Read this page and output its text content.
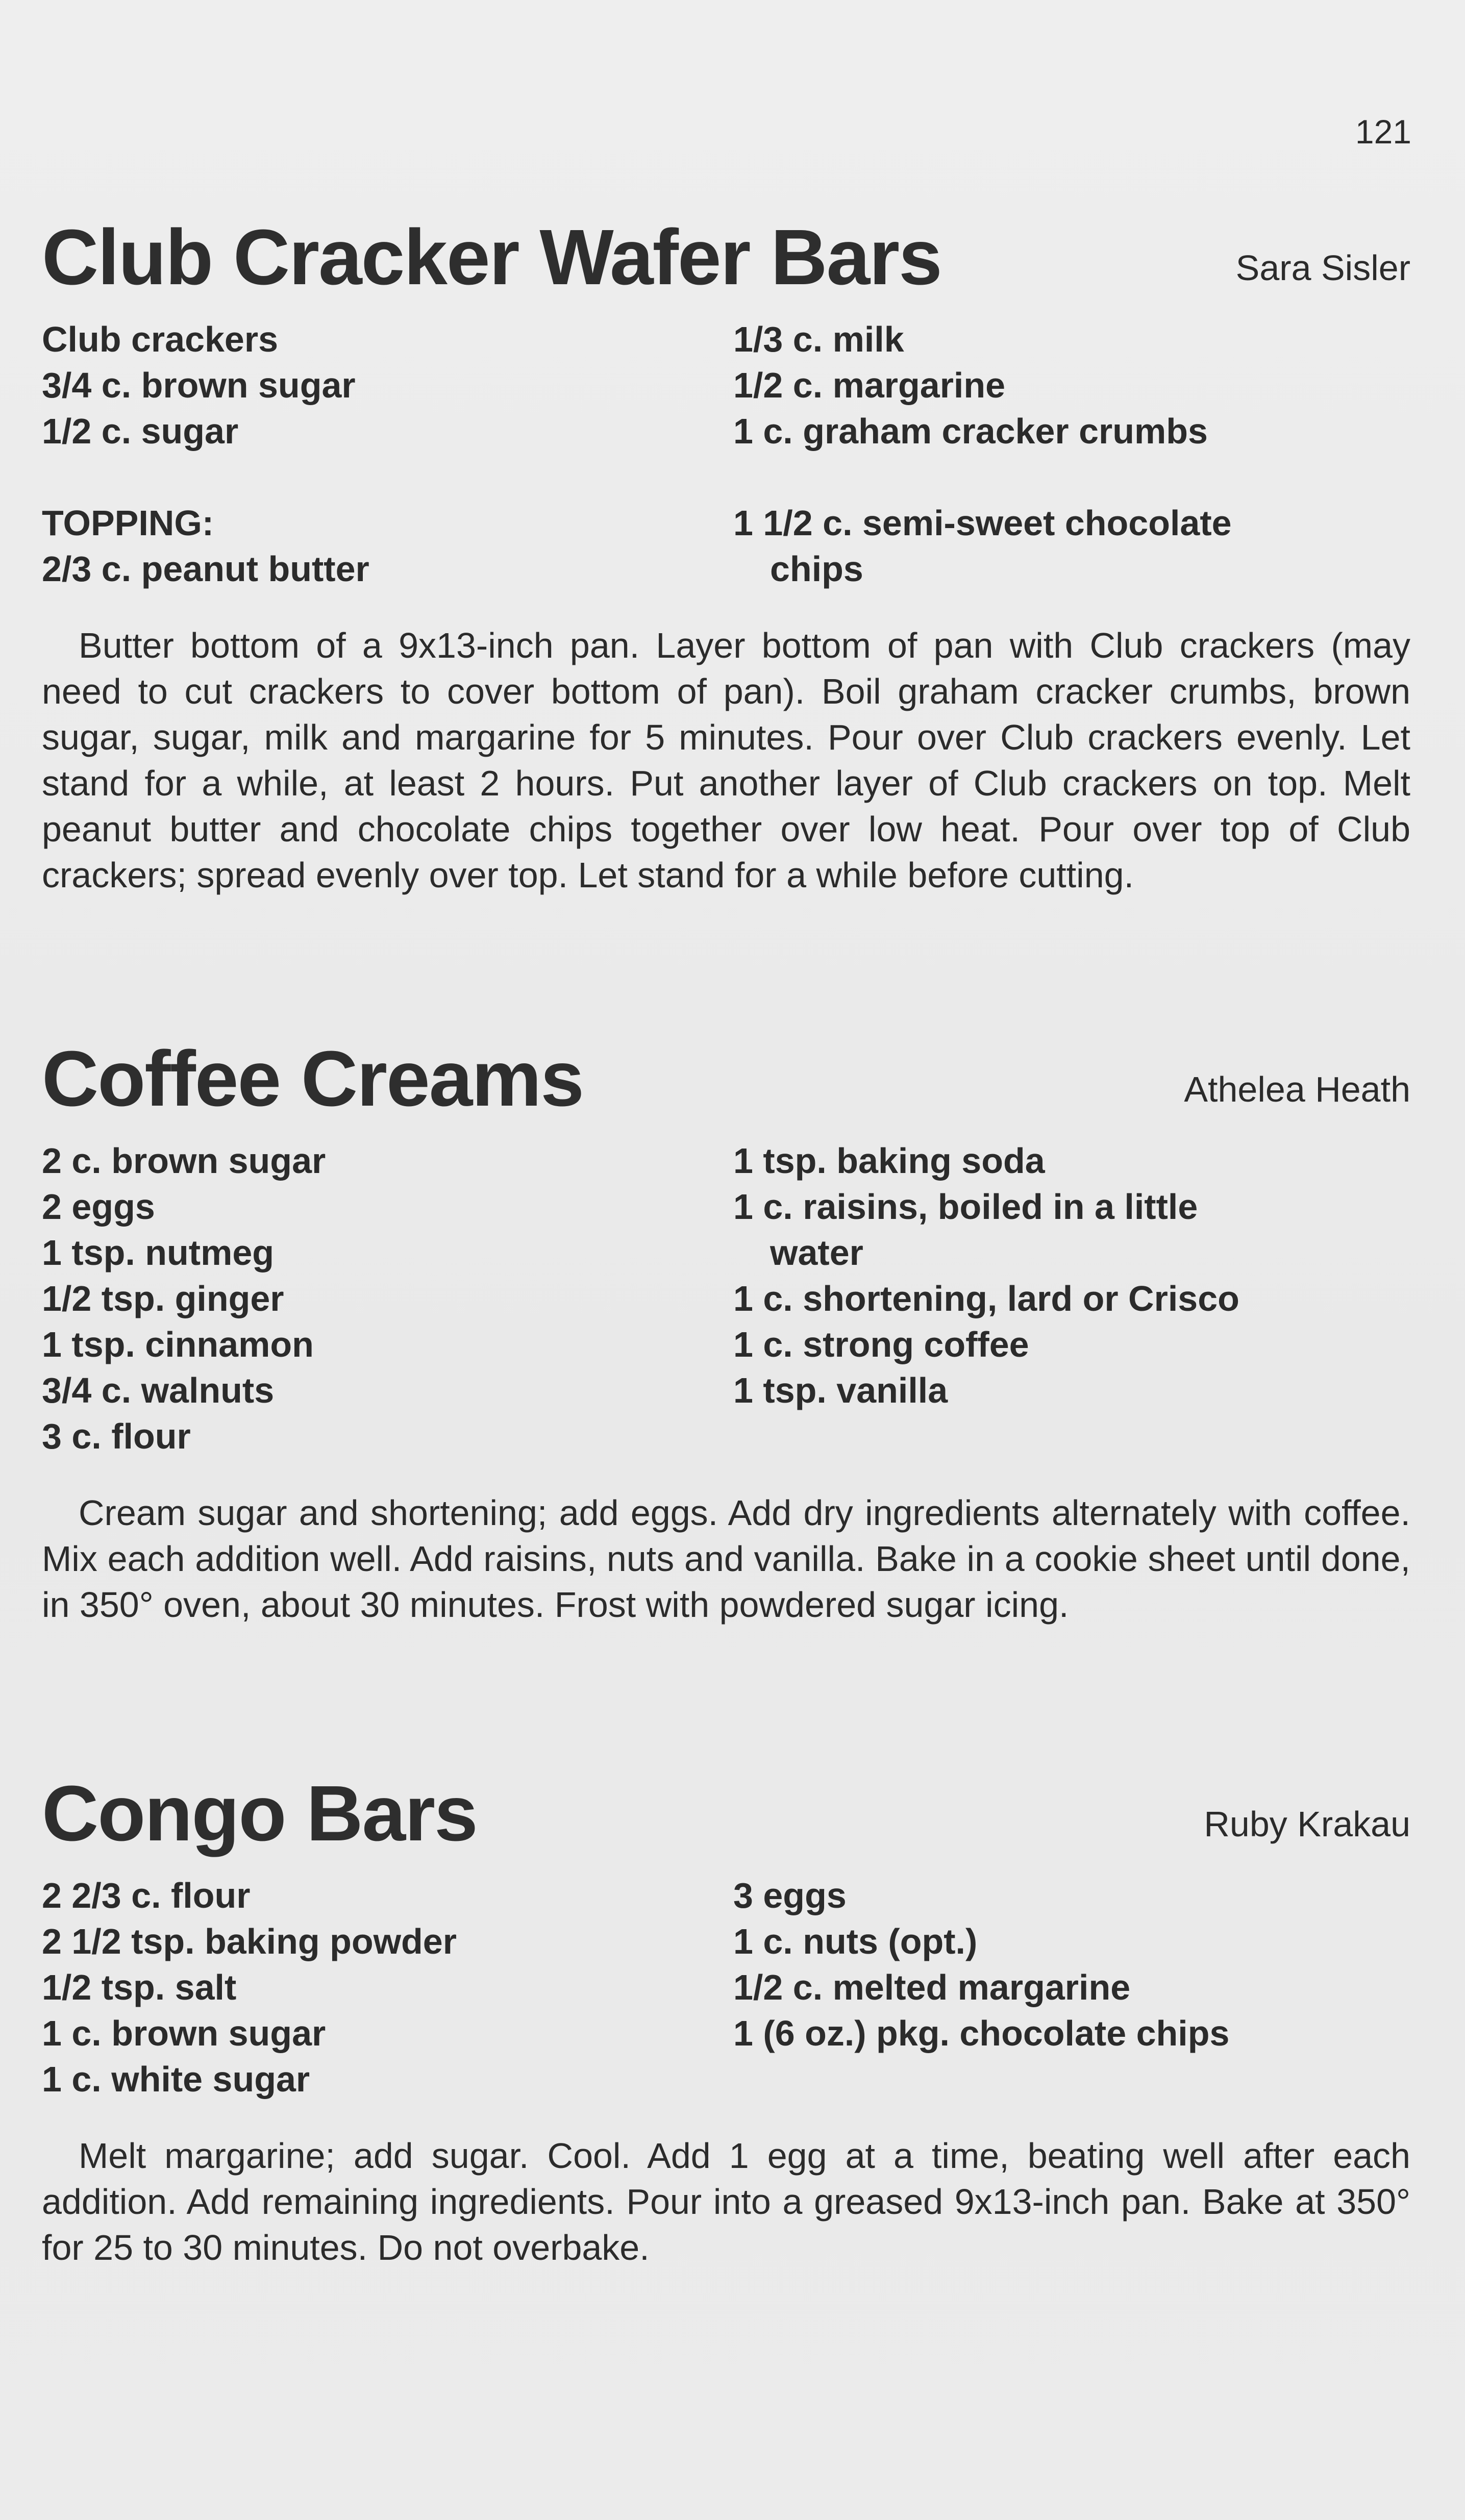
121
Club Cracker Wafer Bars	Sara Sisler
Club crackers
3/4 c. brown sugar
1/2 c. sugar
TOPPING:
2/3 c. peanut butter
1/3 c. milk
1/2 c. margarine
1 c. graham cracker crumbs
1 1/2 c. semi-sweet chocolate
chips

Butter bottom of a 9x13-inch pan. Layer bottom of pan with Club crackers (may need to cut crackers to cover bottom of pan). Boil graham cracker crumbs, brown sugar, sugar, milk and margarine for 5 minutes. Pour over Club crackers evenly. Let stand for a while, at least 2 hours. Put another layer of Club crackers on top. Melt peanut butter and chocolate chips together over low heat. Pour over top of Club crackers; spread evenly over top. Let stand for a while before cutting.

Coffee Creams	Athelea Heath
2 c. brown sugar
2 eggs
1 tsp. nutmeg
1/2 tsp. ginger
1 tsp. cinnamon
3/4 c. walnuts
3 c. flour
1 tsp. baking soda
1 c. raisins, boiled in a little
water
1 c. shortening, lard or Crisco
1 c. strong coffee
1 tsp. vanilla

Cream sugar and shortening; add eggs. Add dry ingredients alternately with coffee. Mix each addition well. Add raisins, nuts and vanilla. Bake in a cookie sheet until done, in 350° oven, about 30 minutes. Frost with powdered sugar icing.

Congo Bars	Ruby Krakau
2 2/3 c. flour
2 1/2 tsp. baking powder
1/2 tsp. salt
1 c. brown sugar
1 c. white sugar
3 eggs
1 c. nuts (opt.)
1/2 c. melted margarine
1 (6 oz.) pkg. chocolate chips

Melt margarine; add sugar. Cool. Add 1 egg at a time, beating well after each addition. Add remaining ingredients. Pour into a greased 9x13-inch pan. Bake at 350° for 25 to 30 minutes. Do not overbake.
